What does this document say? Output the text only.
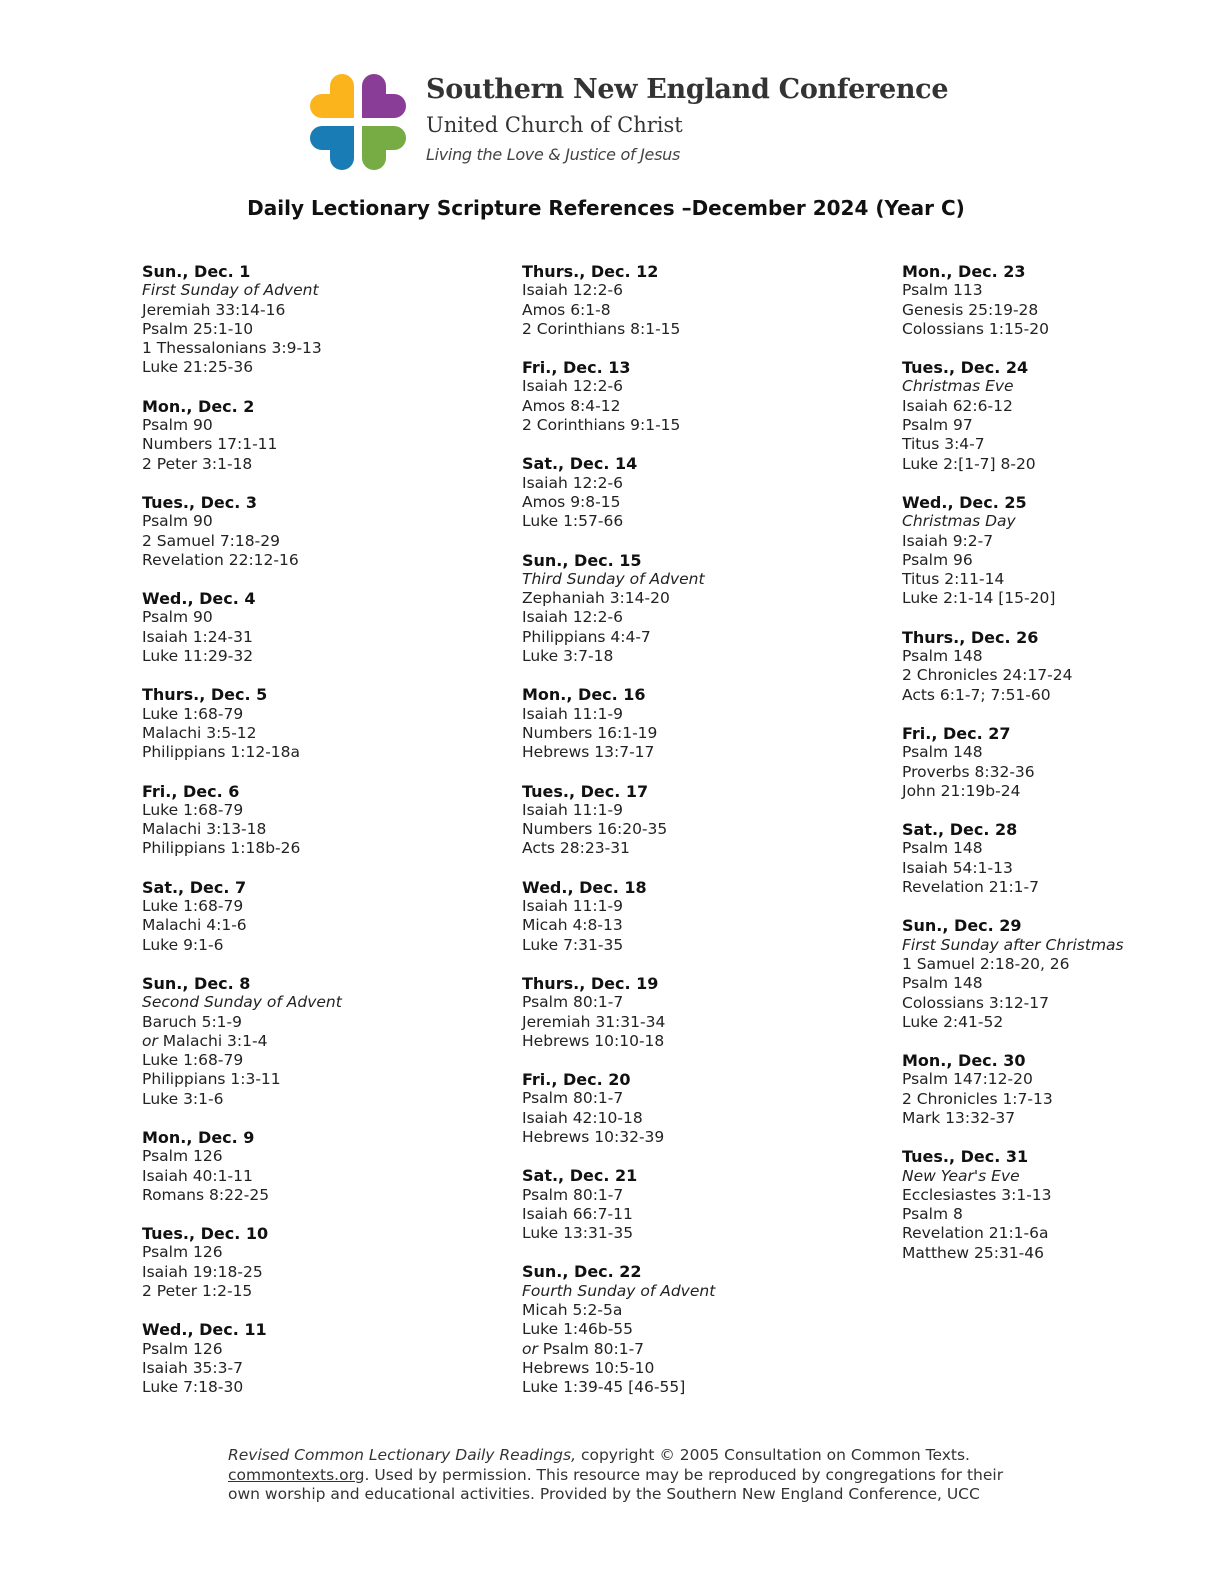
Southern New England Conference
United Church of Christ
Living the Love & Justice of Jesus
Daily Lectionary Scripture References –December 2024 (Year C)
Sun., Dec. 1
First Sunday of Advent
Jeremiah 33:14-16
Psalm 25:1-10
1 Thessalonians 3:9-13
Luke 21:25-36
Mon., Dec. 2
Psalm 90
Numbers 17:1-11
2 Peter 3:1-18
Tues., Dec. 3
Psalm 90
2 Samuel 7:18-29
Revelation 22:12-16
Wed., Dec. 4
Psalm 90
Isaiah 1:24-31
Luke 11:29-32
Thurs., Dec. 5
Luke 1:68-79
Malachi 3:5-12
Philippians 1:12-18a
Fri., Dec. 6
Luke 1:68-79
Malachi 3:13-18
Philippians 1:18b-26
Sat., Dec. 7
Luke 1:68-79
Malachi 4:1-6
Luke 9:1-6
Sun., Dec. 8
Second Sunday of Advent
Baruch 5:1-9
or Malachi 3:1-4
Luke 1:68-79
Philippians 1:3-11
Luke 3:1-6
Mon., Dec. 9
Psalm 126
Isaiah 40:1-11
Romans 8:22-25
Tues., Dec. 10
Psalm 126
Isaiah 19:18-25
2 Peter 1:2-15
Wed., Dec. 11
Psalm 126
Isaiah 35:3-7
Luke 7:18-30
Thurs., Dec. 12
Isaiah 12:2-6
Amos 6:1-8
2 Corinthians 8:1-15
Fri., Dec. 13
Isaiah 12:2-6
Amos 8:4-12
2 Corinthians 9:1-15
Sat., Dec. 14
Isaiah 12:2-6
Amos 9:8-15
Luke 1:57-66
Sun., Dec. 15
Third Sunday of Advent
Zephaniah 3:14-20
Isaiah 12:2-6
Philippians 4:4-7
Luke 3:7-18
Mon., Dec. 16
Isaiah 11:1-9
Numbers 16:1-19
Hebrews 13:7-17
Tues., Dec. 17
Isaiah 11:1-9
Numbers 16:20-35
Acts 28:23-31
Wed., Dec. 18
Isaiah 11:1-9
Micah 4:8-13
Luke 7:31-35
Thurs., Dec. 19
Psalm 80:1-7
Jeremiah 31:31-34
Hebrews 10:10-18
Fri., Dec. 20
Psalm 80:1-7
Isaiah 42:10-18
Hebrews 10:32-39
Sat., Dec. 21
Psalm 80:1-7
Isaiah 66:7-11
Luke 13:31-35
Sun., Dec. 22
Fourth Sunday of Advent
Micah 5:2-5a
Luke 1:46b-55
or Psalm 80:1-7
Hebrews 10:5-10
Luke 1:39-45 [46-55]
Mon., Dec. 23
Psalm 113
Genesis 25:19-28
Colossians 1:15-20
Tues., Dec. 24
Christmas Eve
Isaiah 62:6-12
Psalm 97
Titus 3:4-7
Luke 2:[1-7] 8-20
Wed., Dec. 25
Christmas Day
Isaiah 9:2-7
Psalm 96
Titus 2:11-14
Luke 2:1-14 [15-20]
Thurs., Dec. 26
Psalm 148
2 Chronicles 24:17-24
Acts 6:1-7; 7:51-60
Fri., Dec. 27
Psalm 148
Proverbs 8:32-36
John 21:19b-24
Sat., Dec. 28
Psalm 148
Isaiah 54:1-13
Revelation 21:1-7
Sun., Dec. 29
First Sunday after Christmas
1 Samuel 2:18-20, 26
Psalm 148
Colossians 3:12-17
Luke 2:41-52
Mon., Dec. 30
Psalm 147:12-20
2 Chronicles 1:7-13
Mark 13:32-37
Tues., Dec. 31
New Year's Eve
Ecclesiastes 3:1-13
Psalm 8
Revelation 21:1-6a
Matthew 25:31-46
Revised Common Lectionary Daily Readings, copyright © 2005 Consultation on Common Texts.
commontexts.org. Used by permission. This resource may be reproduced by congregations for their
own worship and educational activities. Provided by the Southern New England Conference, UCC
